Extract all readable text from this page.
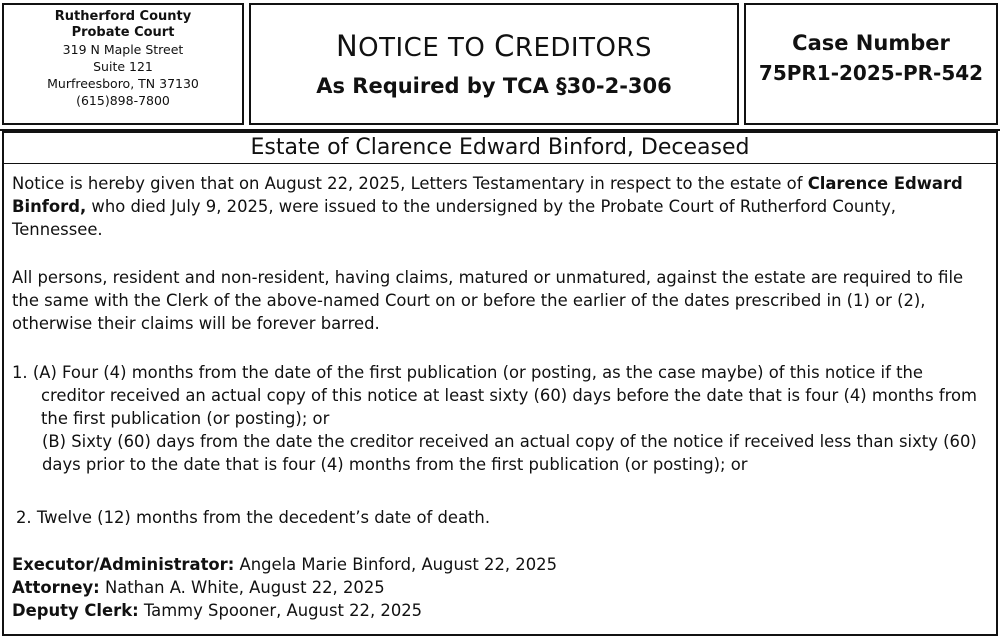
Rutherford County
Probate Court
319 N Maple Street
Suite 121
Murfreesboro, TN 37130
(615)898-7800
NOTICE TO CREDITORS
As Required by TCA §30-2-306
Case Number
75PR1-2025-PR-542
Estate of Clarence Edward Binford, Deceased

Notice is hereby given that on August 22, 2025, Letters Testamentary in respect to the estate of Clarence Edward Binford, who died July 9, 2025, were issued to the undersigned by the Probate Court of Rutherford County, Tennessee.

All persons, resident and non-resident, having claims, matured or unmatured, against the estate are required to file the same with the Clerk of the above-named Court on or before the earlier of the dates prescribed in (1) or (2), otherwise their claims will be forever barred.

1. (A) Four (4) months from the date of the first publication (or posting, as the case maybe) of this notice if the creditor received an actual copy of this notice at least sixty (60) days before the date that is four (4) months from the first publication (or posting); or

(B) Sixty (60) days from the date the creditor received an actual copy of the notice if received less than sixty (60) days prior to the date that is four (4) months from the first publication (or posting); or

2. Twelve (12) months from the decedent’s date of death.

Executor/Administrator: Angela Marie Binford, August 22, 2025
Attorney: Nathan A. White, August 22, 2025
Deputy Clerk: Tammy Spooner, August 22, 2025
